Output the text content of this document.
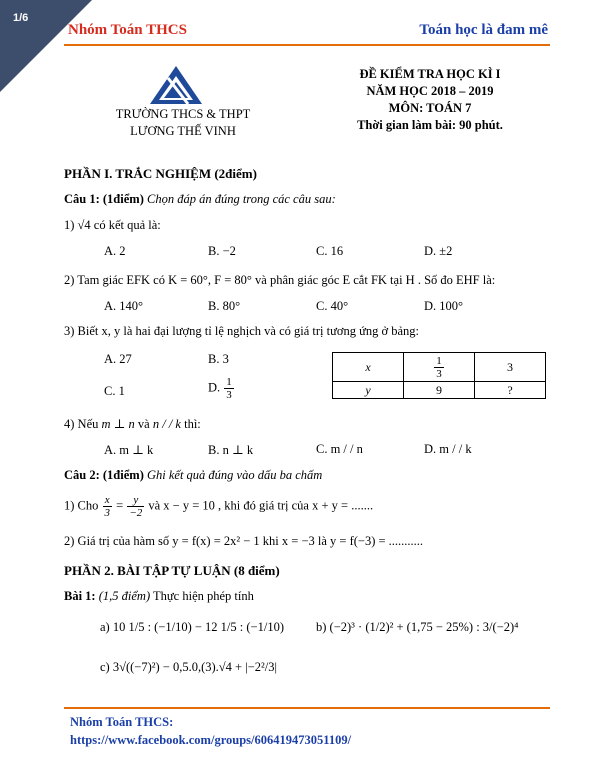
1/6
Nhóm Toán THCS	Toán học là đam mê
TRƯỜNG THCS & THPT
LƯƠNG THẾ VINH
ĐỀ KIỂM TRA HỌC KÌ I
NĂM HỌC 2018 – 2019
MÔN: TOÁN 7
Thời gian làm bài: 90 phút.
PHẦN I. TRẮC NGHIỆM (2điểm)
Câu 1: (1điểm) Chọn đáp án đúng trong các câu sau:
1) √4 có kết quả là:
A. 2	B. −2	C. 16	D. ±2
2) Tam giác EFK có K = 60°, F = 80° và phân giác góc E cắt FK tại H . Số đo EHF là:
A. 140°	B. 80°	C. 40°	D. 100°
3) Biết x, y là hai đại lượng tỉ lệ nghịch và có giá trị tương ứng ở bảng:
A. 27	B. 3
C. 1	D. $\frac{1}{3}$
x	$\frac{1}{3}$	3
y	9	?
4) Nếu m ⊥ n và n / / k thì:
A. m ⊥ k	B. n ⊥ k	C. m / / n	D. m / / k
Câu 2: (1điểm) Ghi kết quả đúng vào dấu ba chấm
1) Cho $\frac{x}{3} = \frac{y}{-2}$ và x − y = 10 , khi đó giá trị của x + y = .......
2) Giá trị của hàm số y = f(x) = 2x² − 1 khi x = −3 là y = f(−3) = ...........
PHẦN 2. BÀI TẬP TỰ LUẬN (8 điểm)
Bài 1: (1,5 điểm) Thực hiện phép tính
a) 10 1/5 : (−1/10) − 12 1/5 : (−1/10)	b) (−2)³ · (1/2)² + (1,75 − 25%) : 3/(−2)⁴
c) 3√((−7)²) − 0,5.0,(3).√4 + |−2²/3|
Nhóm Toán THCS:
https://www.facebook.com/groups/606419473051109/
